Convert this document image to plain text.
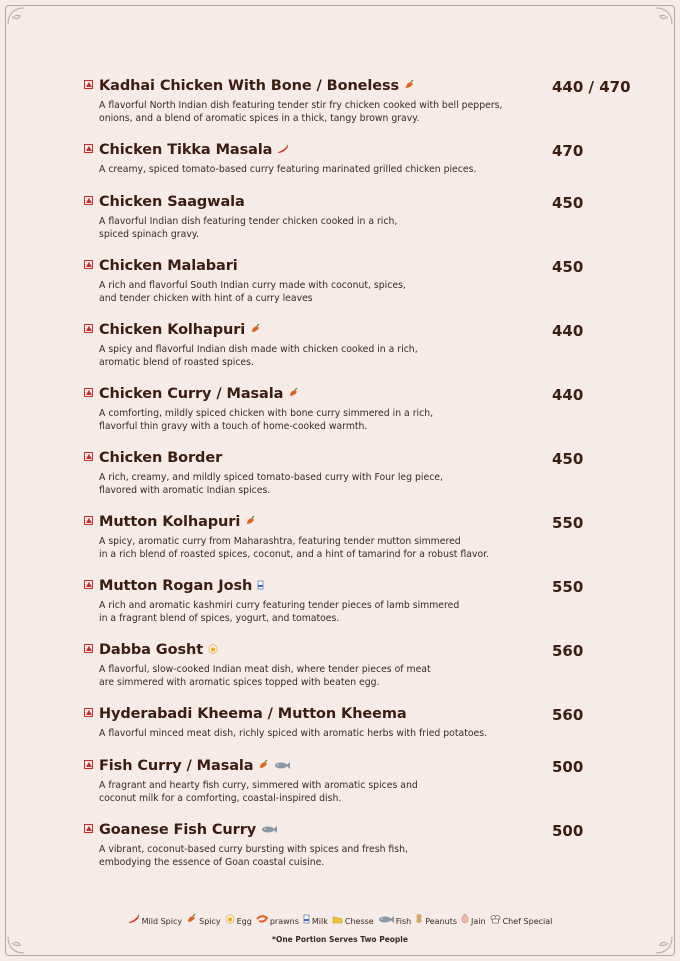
Kadhai Chicken With Bone / Boneless	440 / 470
A flavorful North Indian dish featuring tender stir fry chicken cooked with bell peppers,
onions, and a blend of aromatic spices in a thick, tangy brown gravy.
Chicken Tikka Masala	470
A creamy, spiced tomato-based curry featuring marinated grilled chicken pieces.
Chicken Saagwala	450
A flavorful Indian dish featuring tender chicken cooked in a rich,
spiced spinach gravy.
Chicken Malabari	450
A rich and flavorful South Indian curry made with coconut, spices,
and tender chicken with hint of a curry leaves
Chicken Kolhapuri	440
A spicy and flavorful Indian dish made with chicken cooked in a rich,
aromatic blend of roasted spices.
Chicken Curry / Masala	440
A comforting, mildly spiced chicken with bone curry simmered in a rich,
flavorful thin gravy with a touch of home-cooked warmth.
Chicken Border	450
A rich, creamy, and mildly spiced tomato-based curry with Four leg piece,
flavored with aromatic Indian spices.
Mutton Kolhapuri	550
A spicy, aromatic curry from Maharashtra, featuring tender mutton simmered
in a rich blend of roasted spices, coconut, and a hint of tamarind for a robust flavor.
Mutton Rogan Josh	550
A rich and aromatic kashmiri curry featuring tender pieces of lamb simmered
in a fragrant blend of spices, yogurt, and tomatoes.
Dabba Gosht	560
A flavorful, slow-cooked Indian meat dish, where tender pieces of meat
are simmered with aromatic spices topped with beaten egg.
Hyderabadi Kheema / Mutton Kheema	560
A flavorful minced meat dish, richly spiced with aromatic herbs with fried potatoes.
Fish Curry / Masala	500
A fragrant and hearty fish curry, simmered with aromatic spices and
coconut milk for a comforting, coastal-inspired dish.
Goanese Fish Curry	500
A vibrant, coconut-based curry bursting with spices and fresh fish,
embodying the essence of Goan coastal cuisine.
Mild Spicy Spicy Egg prawns Milk Chesse	Fish Peanuts Jain Chef Special
*One Portion Serves Two People
